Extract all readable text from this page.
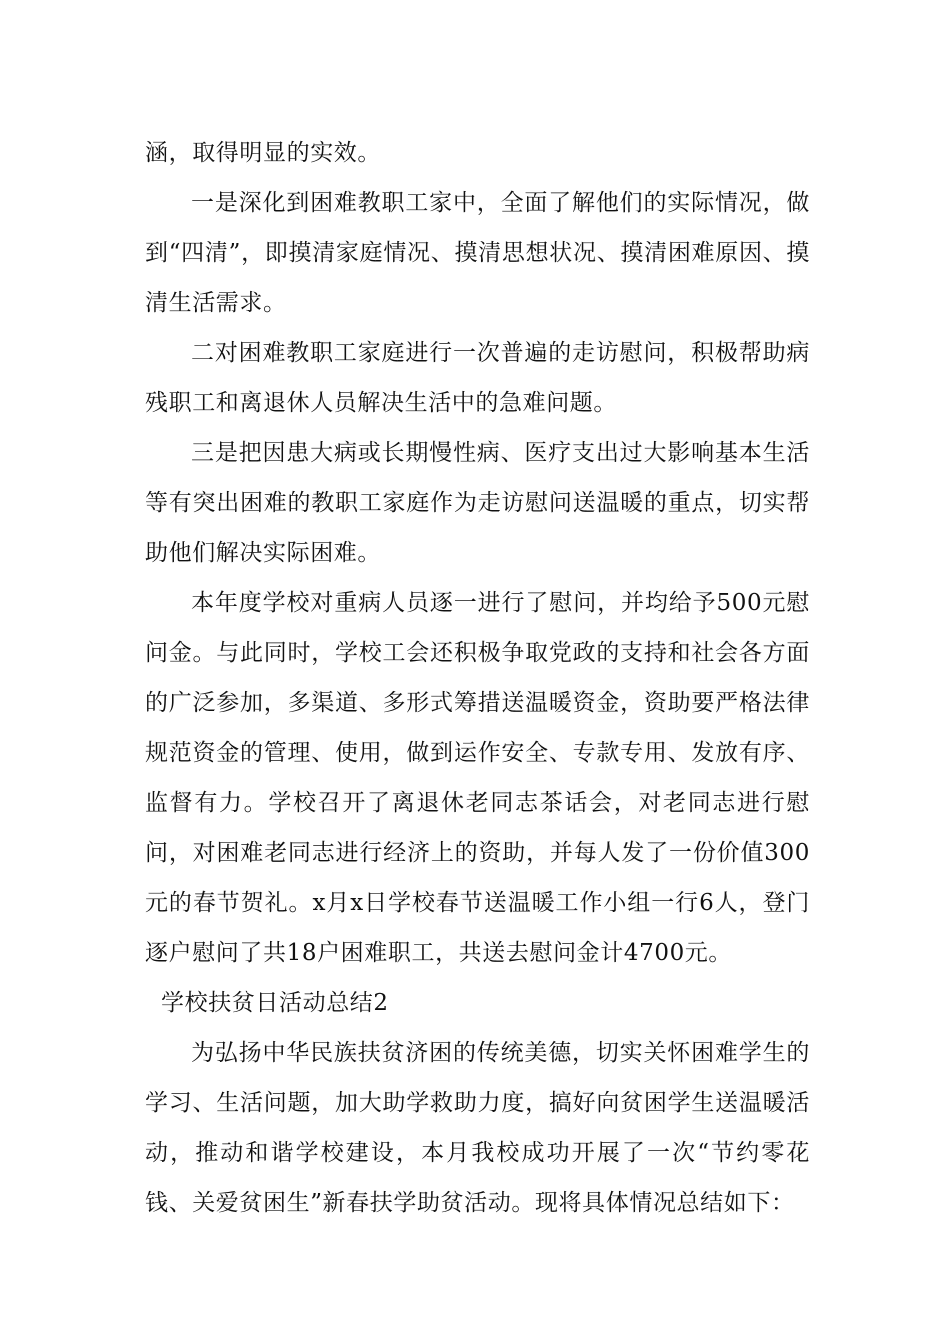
涵，取得明显的实效。

一是深化到困难教职工家中，全面了解他们的实际情况，做到“四清”，即摸清家庭情况、摸清思想状况、摸清困难原因、摸清生活需求。

二对困难教职工家庭进行一次普遍的走访慰问，积极帮助病残职工和离退休人员解决生活中的急难问题。

三是把因患大病或长期慢性病、医疗支出过大影响基本生活等有突出困难的教职工家庭作为走访慰问送温暖的重点，切实帮助他们解决实际困难。

本年度学校对重病人员逐一进行了慰问，并均给予500元慰问金。与此同时，学校工会还积极争取党政的支持和社会各方面的广泛参加，多渠道、多形式筹措送温暖资金，资助要严格法律规范资金的管理、使用，做到运作安全、专款专用、发放有序、监督有力。学校召开了离退休老同志茶话会，对老同志进行慰问，对困难老同志进行经济上的资助，并每人发了一份价值300元的春节贺礼。x月x日学校春节送温暖工作小组一行6人，登门逐户慰问了共18户困难职工，共送去慰问金计4700元。

学校扶贫日活动总结2

为弘扬中华民族扶贫济困的传统美德，切实关怀困难学生的学习、生活问题，加大助学救助力度，搞好向贫困学生送温暖活动，推动和谐学校建设，本月我校成功开展了一次“节约零花钱、关爱贫困生”新春扶学助贫活动。现将具体情况总结如下：
